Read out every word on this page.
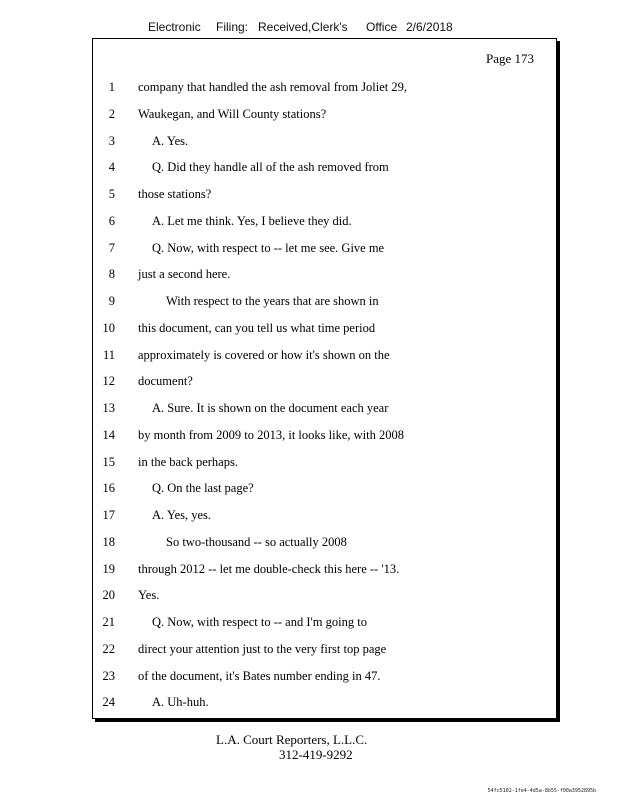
Electronic Filing: Received,Clerk's Office 2/6/2018
Page 173
1 company that handled the ash removal from Joliet 29,
2 Waukegan, and Will County stations?
3	A. Yes.
4	Q. Did they handle all of the ash removed from
5 those stations?
6	A. Let me think. Yes, I believe they did.
7	Q. Now, with respect to -- let me see. Give me
8 just a second here.
9	With respect to the years that are shown in
10 this document, can you tell us what time period
11 approximately is covered or how it's shown on the
12 document?
13	A. Sure. It is shown on the document each year
14 by month from 2009 to 2013, it looks like, with 2008
15 in the back perhaps.
16	Q. On the last page?
17	A. Yes, yes.
18	So two-thousand -- so actually 2008
19 through 2012 -- let me double-check this here -- '13.
20 Yes.
21	Q. Now, with respect to -- and I'm going to
22 direct your attention just to the very first top page
23 of the document, it's Bates number ending in 47.
24	A. Uh-huh.
L.A. Court Reporters, L.L.C.
312-419-9292
54fc5102-1fe4-4d5a-8b55-f00a3952895b
